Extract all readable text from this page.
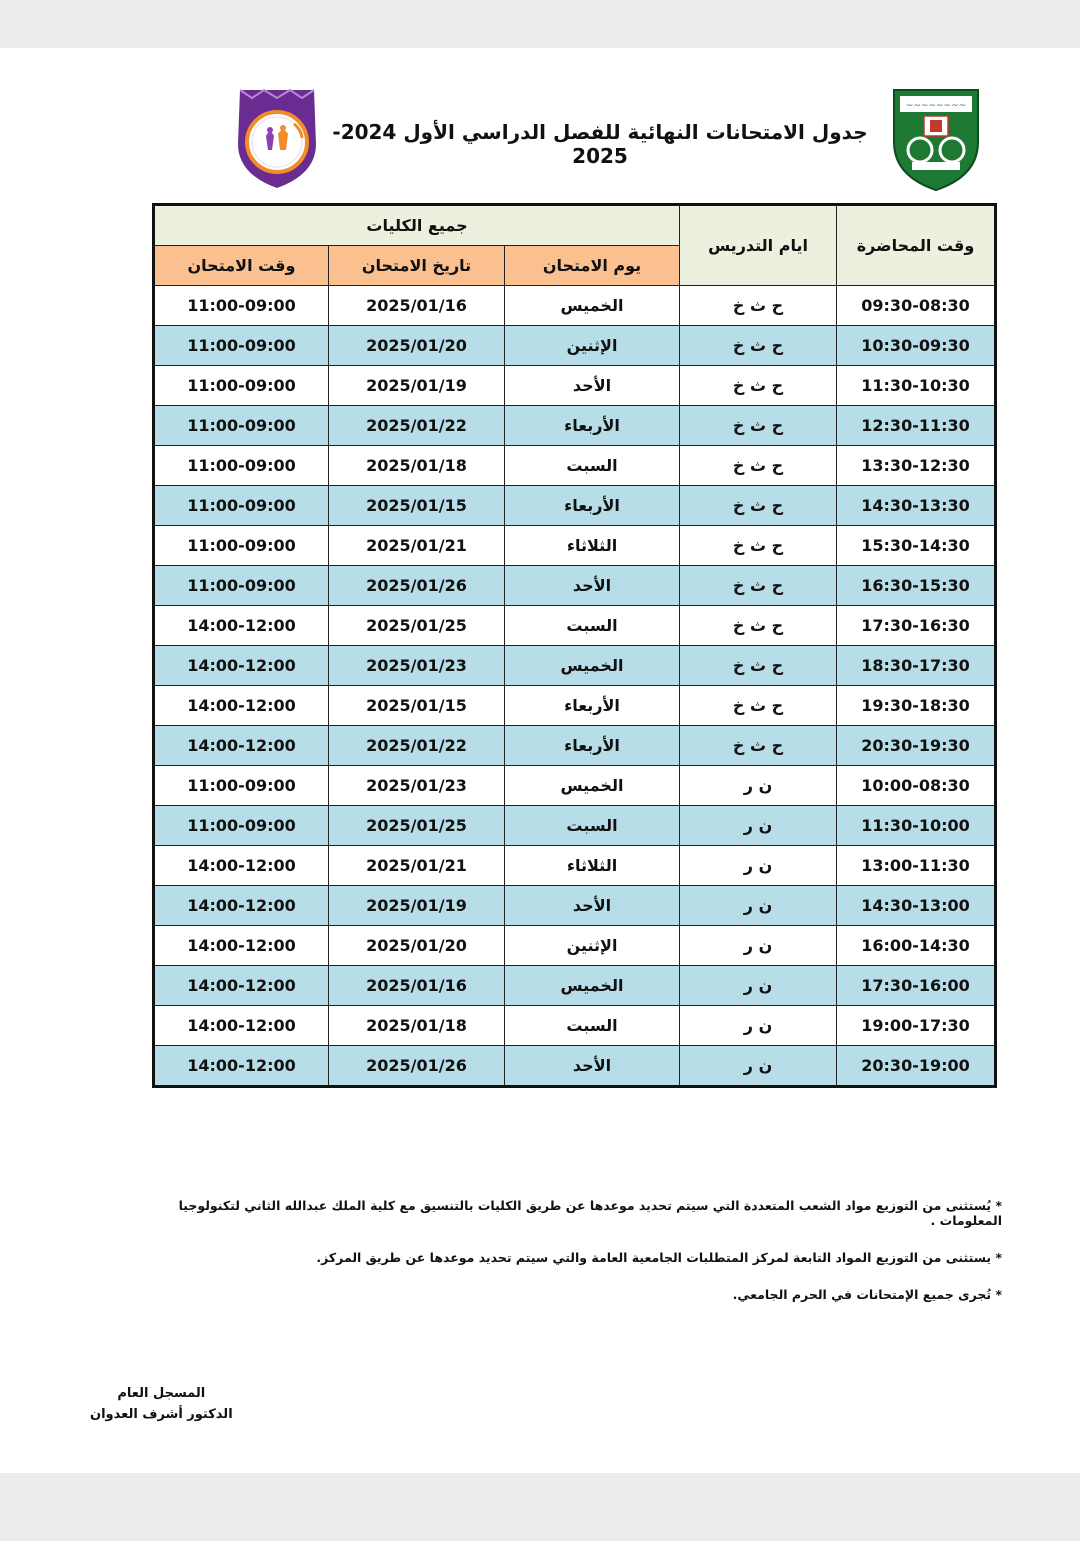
جدول الامتحانات النهائية للفصل الدراسي الأول 2024-2025
~~~~~~~~
جميع الكليات			ايام التدريس	وقت المحاضرة
وقت الامتحان	تاريخ الامتحان	يوم الامتحان		
11:00-09:00	2025/01/16	الخميس	ح ث خ	09:30-08:30
11:00-09:00	2025/01/20	الإثنين	ح ث خ	10:30-09:30
11:00-09:00	2025/01/19	الأحد	ح ث خ	11:30-10:30
11:00-09:00	2025/01/22	الأربعاء	ح ث خ	12:30-11:30
11:00-09:00	2025/01/18	السبت	ح ث خ	13:30-12:30
11:00-09:00	2025/01/15	الأربعاء	ح ث خ	14:30-13:30
11:00-09:00	2025/01/21	الثلاثاء	ح ث خ	15:30-14:30
11:00-09:00	2025/01/26	الأحد	ح ث خ	16:30-15:30
14:00-12:00	2025/01/25	السبت	ح ث خ	17:30-16:30
14:00-12:00	2025/01/23	الخميس	ح ث خ	18:30-17:30
14:00-12:00	2025/01/15	الأربعاء	ح ث خ	19:30-18:30
14:00-12:00	2025/01/22	الأربعاء	ح ث خ	20:30-19:30
11:00-09:00	2025/01/23	الخميس	ن ر	10:00-08:30
11:00-09:00	2025/01/25	السبت	ن ر	11:30-10:00
14:00-12:00	2025/01/21	الثلاثاء	ن ر	13:00-11:30
14:00-12:00	2025/01/19	الأحد	ن ر	14:30-13:00
14:00-12:00	2025/01/20	الإثنين	ن ر	16:00-14:30
14:00-12:00	2025/01/16	الخميس	ن ر	17:30-16:00
14:00-12:00	2025/01/18	السبت	ن ر	19:00-17:30
14:00-12:00	2025/01/26	الأحد	ن ر	20:30-19:00

* يُستثنى من التوزيع مواد الشعب المتعددة التي سيتم تحديد موعدها عن طريق الكليات بالتنسيق مع كلية الملك عبدالله الثاني لتكنولوجيا المعلومات .

* يستثنى من التوزيع المواد التابعة لمركز المتطلبات الجامعية العامة والتي سيتم تحديد موعدها عن طريق المركز.

* تُجرى جميع الإمتحانات في الحرم الجامعي.

المسجل العام
الدكتور أشرف العدوان
